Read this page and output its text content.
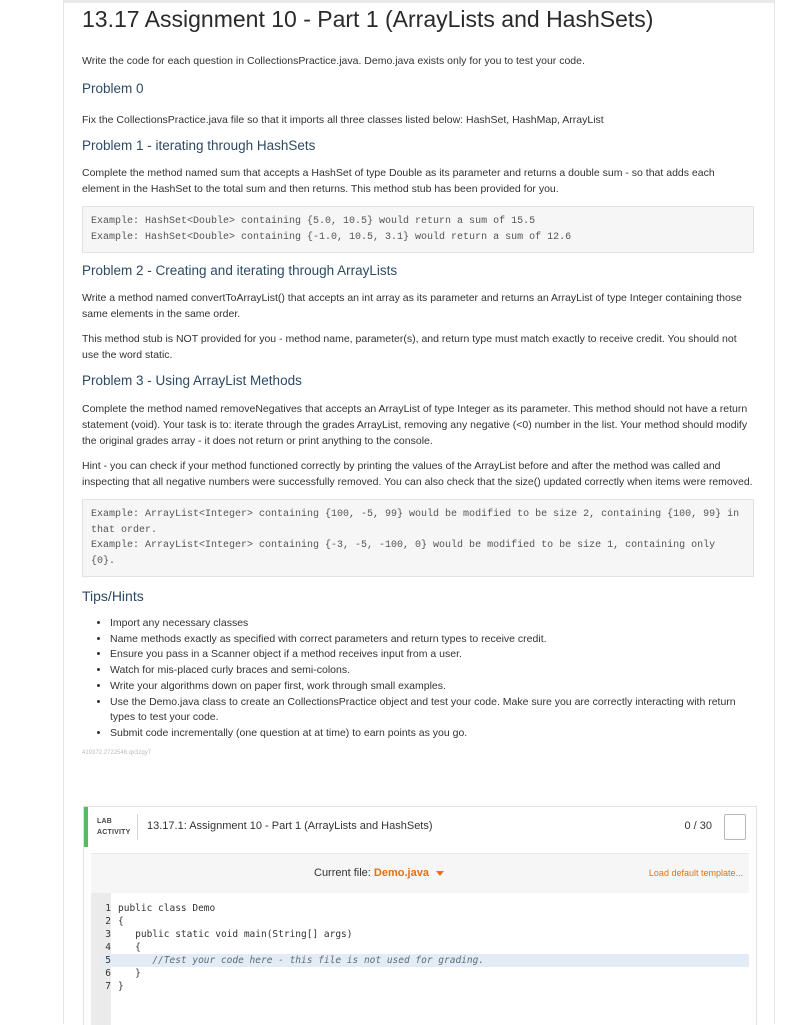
13.17 Assignment 10 - Part 1 (ArrayLists and HashSets)

Write the code for each question in CollectionsPractice.java. Demo.java exists only for you to test your code.

Problem 0

Fix the CollectionsPractice.java file so that it imports all three classes listed below: HashSet, HashMap, ArrayList

Problem 1 - iterating through HashSets

Complete the method named sum that accepts a HashSet of type Double as its parameter and returns a double sum - so that adds each element in the HashSet to the total sum and then returns. This method stub has been provided for you.

Example: HashSet<Double> containing {5.0, 10.5} would return a sum of 15.5
Example: HashSet<Double> containing {-1.0, 10.5, 3.1} would return a sum of 12.6
Problem 2 - Creating and iterating through ArrayLists

Write a method named convertToArrayList() that accepts an int array as its parameter and returns an ArrayList of type Integer containing those same elements in the same order.

This method stub is NOT provided for you - method name, parameter(s), and return type must match exactly to receive credit. You should not use the word static.

Problem 3 - Using ArrayList Methods

Complete the method named removeNegatives that accepts an ArrayList of type Integer as its parameter. This method should not have a return statement (void). Your task is to: iterate through the grades ArrayList, removing any negative (<0) number in the list. Your method should modify the original grades array - it does not return or print anything to the console.

Hint - you can check if your method functioned correctly by printing the values of the ArrayList before and after the method was called and inspecting that all negative numbers were successfully removed. You can also check that the size() updated correctly when items were removed.

Example: ArrayList<Integer> containing {100, -5, 99} would be modified to be size 2, containing {100, 99} in that order.
Example: ArrayList<Integer> containing {-3, -5, -100, 0} would be modified to be size 1, containing only {0}.
Tips/Hints
• Import any necessary classes
• Name methods exactly as specified with correct parameters and return types to receive credit.
• Ensure you pass in a Scanner object if a method receives input from a user.
• Watch for mis-placed curly braces and semi-colons.
• Write your algorithms down on paper first, work through small examples.
• Use the Demo.java class to create an CollectionsPractice object and test your code. Make sure you are correctly interacting with return types to test your code.
• Submit code incrementally (one question at at time) to earn points as you go.
419372.2722546.qx3zqy7
LAB
ACTIVITY
13.17.1: Assignment 10 - Part 1 (ArrayLists and HashSets)	0 / 30
Current file: Demo.java	Load default template...
1 public class Demo
2 {
3   public static void main(String[] args)
4   {
5      //Test your code here - this file is not used for grading.
6   }
7 }
